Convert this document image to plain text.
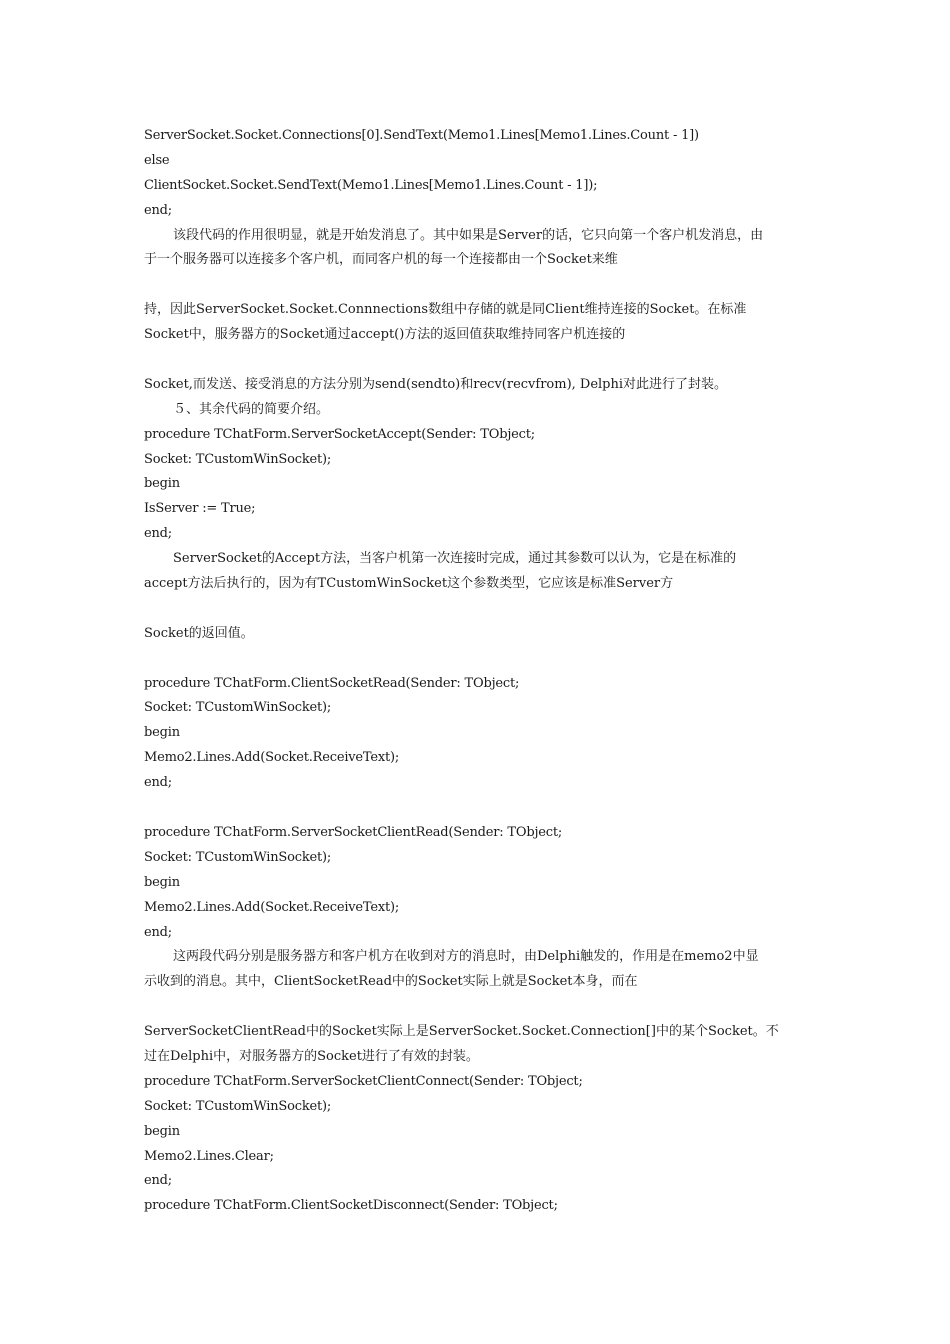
ServerSocket.Socket.Connections[0].SendText(Memo1.Lines[Memo1.Lines.Count - 1])
else
ClientSocket.Socket.SendText(Memo1.Lines[Memo1.Lines.Count - 1]);
end;
该段代码的作用很明显，就是开始发消息了。其中如果是Server的话，它只向第一个客户机发消息，由
于一个服务器可以连接多个客户机，而同客户机的每一个连接都由一个Socket来维
持，因此ServerSocket.Socket.Connnections数组中存储的就是同Client维持连接的Socket。在标准
Socket中，服务器方的Socket通过accept()方法的返回值获取维持同客户机连接的
Socket,而发送、接受消息的方法分别为send(sendto)和recv(recvfrom), Delphi对此进行了封装。
５、其余代码的简要介绍。
procedure TChatForm.ServerSocketAccept(Sender: TObject;
Socket: TCustomWinSocket);
begin
IsServer := True;
end;
ServerSocket的Accept方法，当客户机第一次连接时完成，通过其参数可以认为，它是在标准的
accept方法后执行的，因为有TCustomWinSocket这个参数类型，它应该是标准Server方
Socket的返回值。
procedure TChatForm.ClientSocketRead(Sender: TObject;
Socket: TCustomWinSocket);
begin
Memo2.Lines.Add(Socket.ReceiveText);
end;
procedure TChatForm.ServerSocketClientRead(Sender: TObject;
Socket: TCustomWinSocket);
begin
Memo2.Lines.Add(Socket.ReceiveText);
end;
这两段代码分别是服务器方和客户机方在收到对方的消息时，由Delphi触发的，作用是在memo2中显
示收到的消息。其中，ClientSocketRead中的Socket实际上就是Socket本身，而在
ServerSocketClientRead中的Socket实际上是ServerSocket.Socket.Connection[]中的某个Socket。不
过在Delphi中，对服务器方的Socket进行了有效的封装。
procedure TChatForm.ServerSocketClientConnect(Sender: TObject;
Socket: TCustomWinSocket);
begin
Memo2.Lines.Clear;
end;
procedure TChatForm.ClientSocketDisconnect(Sender: TObject;
